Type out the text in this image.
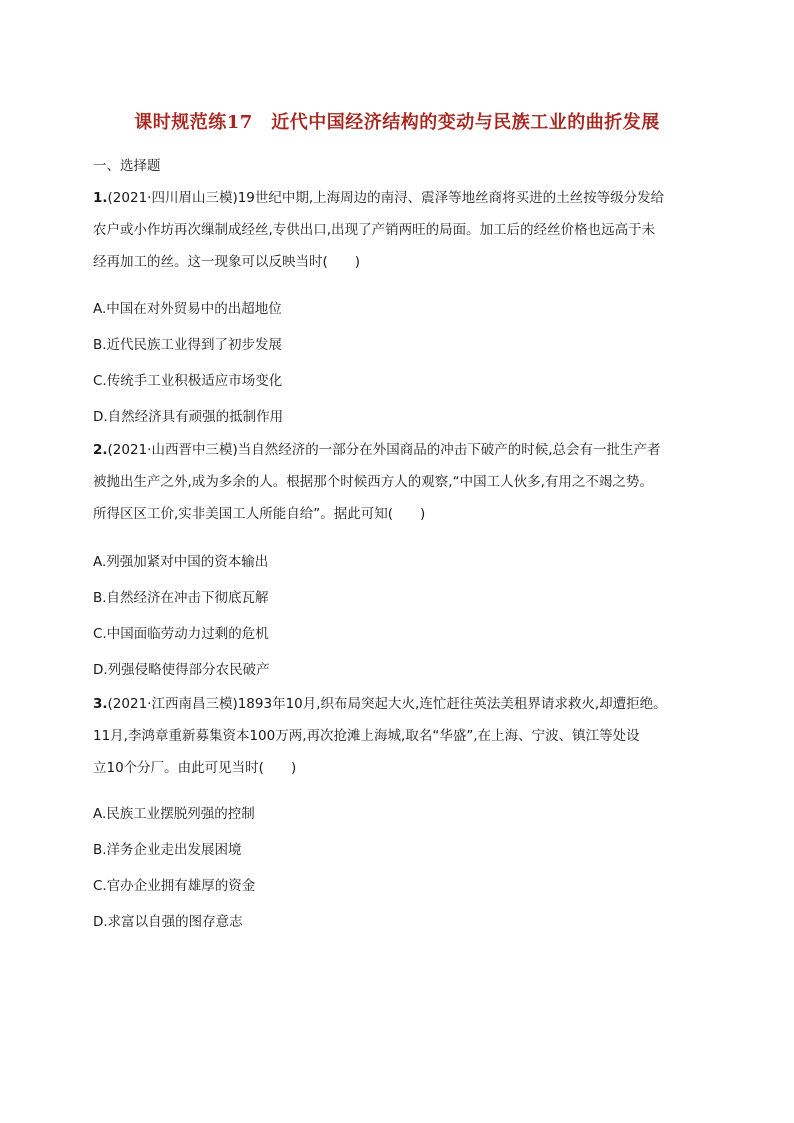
课时规范练17　近代中国经济结构的变动与民族工业的曲折发展
一、选择题
1.(2021·四川眉山三模)19世纪中期,上海周边的南浔、震泽等地丝商将买进的土丝按等级分发给
农户或小作坊再次缫制成经丝,专供出口,出现了产销两旺的局面。加工后的经丝价格也远高于未
经再加工的丝。这一现象可以反映当时(　　)
A.中国在对外贸易中的出超地位
B.近代民族工业得到了初步发展
C.传统手工业积极适应市场变化
D.自然经济具有顽强的抵制作用
2.(2021·山西晋中三模)当自然经济的一部分在外国商品的冲击下破产的时候,总会有一批生产者
被抛出生产之外,成为多余的人。根据那个时候西方人的观察,“中国工人伙多,有用之不竭之势。
所得区区工价,实非美国工人所能自给”。据此可知(　　)
A.列强加紧对中国的资本输出
B.自然经济在冲击下彻底瓦解
C.中国面临劳动力过剩的危机
D.列强侵略使得部分农民破产
3.(2021·江西南昌三模)1893年10月,织布局突起大火,连忙赶往英法美租界请求救火,却遭拒绝。
11月,李鸿章重新募集资本100万两,再次抢滩上海城,取名“华盛”,在上海、宁波、镇江等处设
立10个分厂。由此可见当时(　　)
A.民族工业摆脱列强的控制
B.洋务企业走出发展困境
C.官办企业拥有雄厚的资金
D.求富以自强的图存意志
